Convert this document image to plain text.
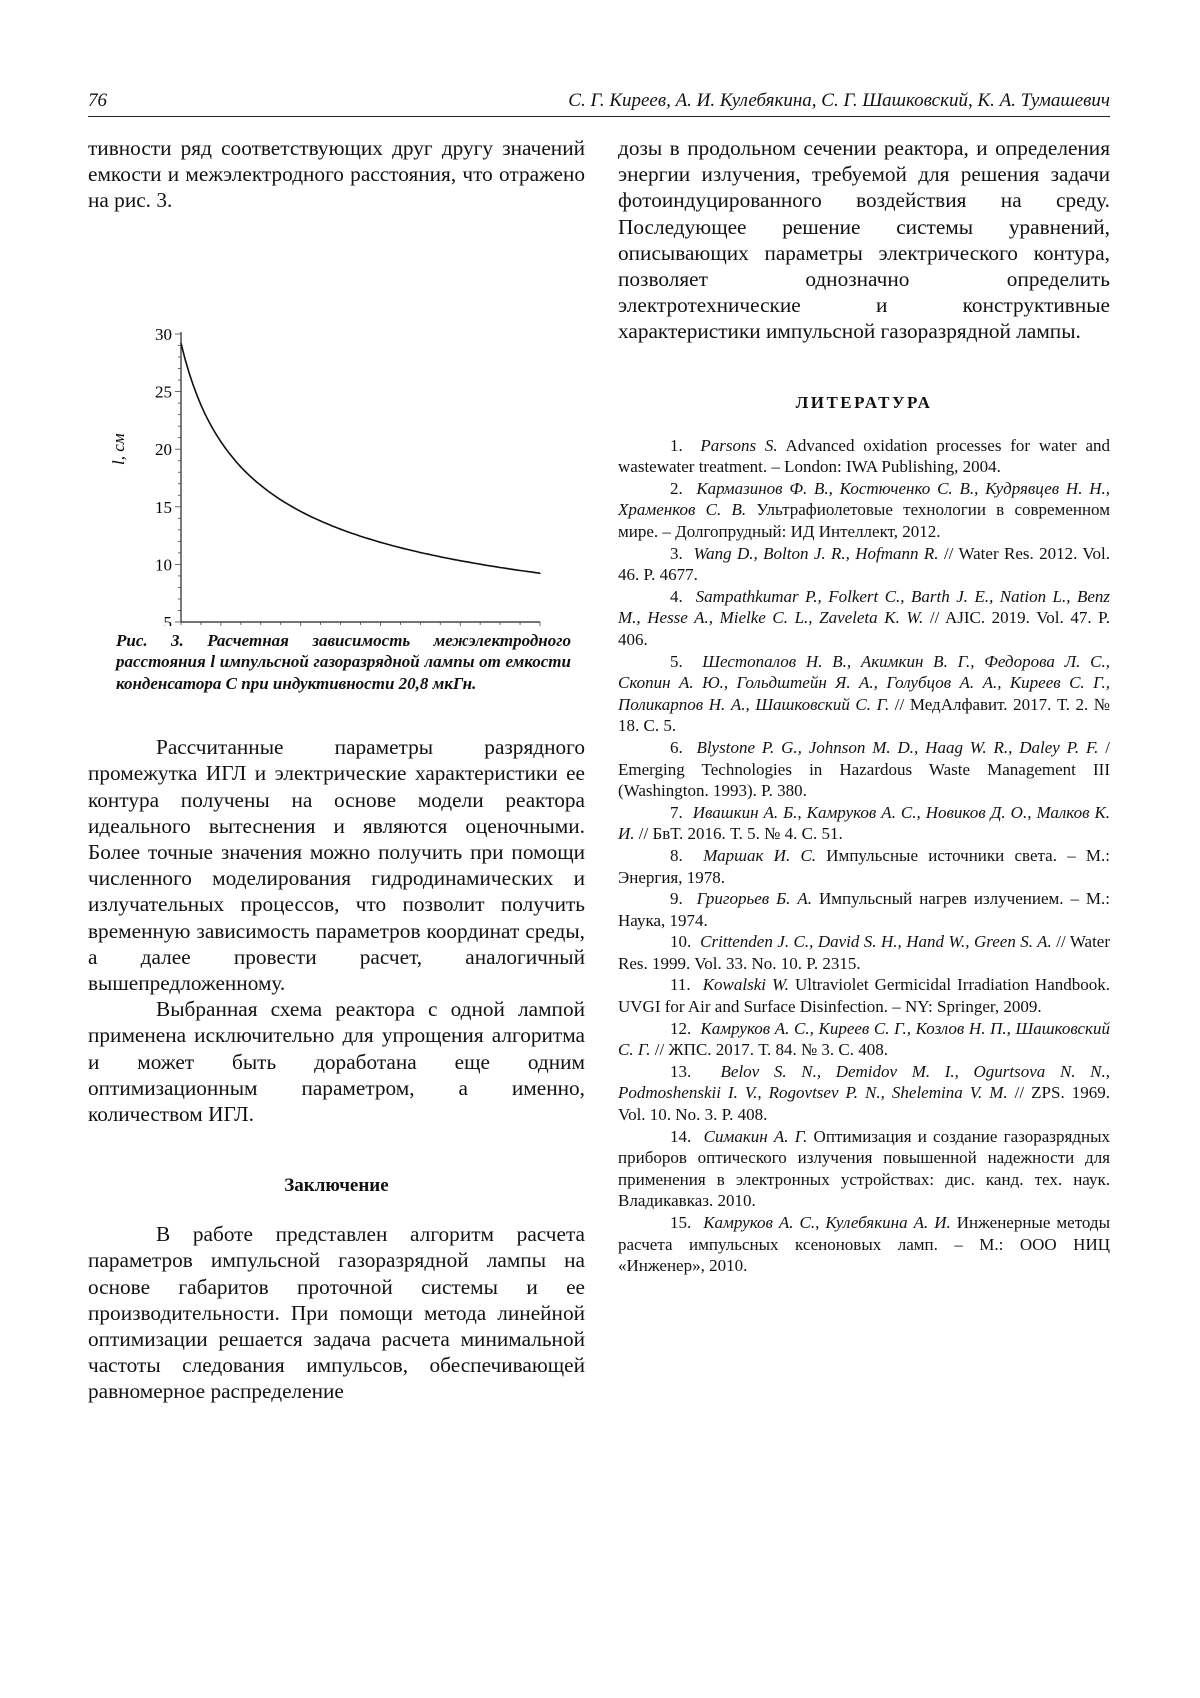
76	С. Г. Киреев, А. И. Кулебякина, С. Г. Шашковский, К. А. Тумашевич

тивности ряд соответствующих друг другу значений емкости и межэлектродного расстояния, что отражено на рис. 3.

5
10
15
20
25
30
l, см
Рис. 3. Расчетная зависимость межэлектродного расстояния l импульсной газоразрядной лампы от емкости конденсатора С при индуктивности 20,8 мкГн.

Рассчитанные параметры разрядного промежутка ИГЛ и электрические характеристики ее контура получены на основе модели реактора идеального вытеснения и являются оценочными. Более точные значения можно получить при помощи численного моделирования гидродинамических и излучательных процессов, что позволит получить временную зависимость параметров координат среды, а далее провести расчет, аналогичный вышепредложенному.

Выбранная схема реактора с одной лампой применена исключительно для упрощения алгоритма и может быть доработана еще одним оптимизационным параметром, а именно, количеством ИГЛ.

Заключение

В работе представлен алгоритм расчета параметров импульсной газоразрядной лампы на основе габаритов проточной системы и ее производительности. При помощи метода линейной оптимизации решается задача расчета минимальной частоты следования импульсов, обеспечивающей равномерное распределение

дозы в продольном сечении реактора, и определения энергии излучения, требуемой для решения задачи фотоиндуцированного воздействия на среду. Последующее решение системы уравнений, описывающих параметры электрического контура, позволяет однозначно определить электротехнические и конструктивные характеристики импульсной газоразрядной лампы.

ЛИТЕРАТУРА
1. Parsons S. Advanced oxidation processes for water and wastewater treatment. – London: IWA Publishing, 2004.
2. Кармазинов Ф. В., Костюченко С. В., Кудрявцев Н. Н., Храменков С. В. Ультрафиолетовые технологии в современном мире. – Долгопрудный: ИД Интеллект, 2012.
3. Wang D., Bolton J. R., Hofmann R. // Water Res. 2012. Vol. 46. P. 4677.
4. Sampathkumar P., Folkert C., Barth J. E., Nation L., Benz M., Hesse A., Mielke C. L., Zaveleta K. W. // AJIC. 2019. Vol. 47. P. 406.
5. Шестопалов Н. В., Акимкин В. Г., Федорова Л. С., Скопин А. Ю., Гольдштейн Я. А., Голубцов А. А., Киреев С. Г., Поликарпов Н. А., Шашковский С. Г. // МедАлфавит. 2017. Т. 2. № 18. С. 5.
6. Blystone P. G., Johnson M. D., Haag W. R., Daley P. F. / Emerging Technologies in Hazardous Waste Management III (Washington. 1993). P. 380.
7. Ивашкин А. Б., Камруков А. С., Новиков Д. О., Малков К. И. // БвТ. 2016. Т. 5. № 4. С. 51.
8. Маршак И. С. Импульсные источники света. – М.: Энергия, 1978.
9. Григорьев Б. А. Импульсный нагрев излучением. – М.: Наука, 1974.
10. Crittenden J. C., David S. H., Hand W., Green S. A. // Water Res. 1999. Vol. 33. No. 10. P. 2315.
11. Kowalski W. Ultraviolet Germicidal Irradiation Handbook. UVGI for Air and Surface Disinfection. – NY: Springer, 2009.
12. Камруков А. С., Киреев С. Г., Козлов Н. П., Шашковский С. Г. // ЖПС. 2017. Т. 84. № 3. С. 408.
13. Belov S. N., Demidov M. I., Ogurtsova N. N., Podmoshenskii I. V., Rogovtsev P. N., Shelemina V. M. // ZPS. 1969. Vol. 10. No. 3. P. 408.
14. Симакин А. Г. Оптимизация и создание газоразрядных приборов оптического излучения повышенной надежности для применения в электронных устройствах: дис. канд. тех. наук. Владикавказ. 2010.
15. Камруков А. С., Кулебякина А. И. Инженерные методы расчета импульсных ксеноновых ламп. – М.: ООО НИЦ «Инженер», 2010.
